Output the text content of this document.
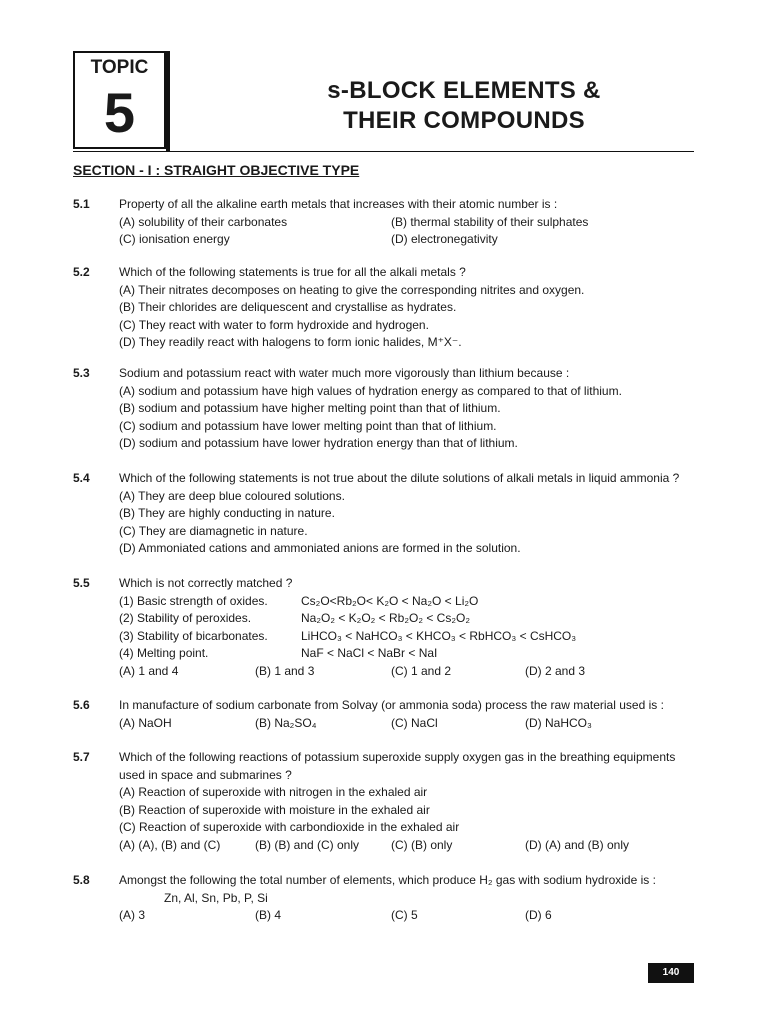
TOPIC
5	s-BLOCK ELEMENTS &
THEIR COMPOUNDS
SECTION - I : STRAIGHT OBJECTIVE TYPE
5.1	Property of all the alkaline earth metals that increases with their atomic number is :
(A) solubility of their carbonates	(B) thermal stability of their sulphates
(C) ionisation energy	(D) electronegativity
5.2	Which of the following statements is true for all the alkali metals ?
(A) Their nitrates decomposes on heating to give the corresponding nitrites and oxygen.
(B) Their chlorides are deliquescent and crystallise as hydrates.
(C) They react with water to form hydroxide and hydrogen.
(D) They readily react with halogens to form ionic halides, M⁺X⁻.
5.3	Sodium and potassium react with water much more vigorously than lithium because :
(A) sodium and potassium have high values of hydration energy as compared to that of lithium.
(B) sodium and potassium have higher melting point than that of lithium.
(C) sodium and potassium have lower melting point than that of lithium.
(D) sodium and potassium have lower hydration energy than that of lithium.
5.4	Which of the following statements is not true about the dilute solutions of alkali metals in liquid ammonia ?
(A) They are deep blue coloured solutions.
(B) They are highly conducting in nature.
(C) They are diamagnetic in nature.
(D) Ammoniated cations and ammoniated anions are formed in the solution.
5.5	Which is not correctly matched ?
(1) Basic strength of oxides.	Cs₂O<Rb₂O< K₂O < Na₂O < Li₂O
(2) Stability of peroxides.	Na₂O₂ < K₂O₂ < Rb₂O₂ < Cs₂O₂
(3) Stability of bicarbonates.	LiHCO₃ < NaHCO₃ < KHCO₃ < RbHCO₃ < CsHCO₃
(4) Melting point.	NaF < NaCl < NaBr < NaI
(A) 1 and 4	(B) 1 and 3	(C) 1 and 2	(D) 2 and 3
5.6	In manufacture of sodium carbonate from Solvay (or ammonia soda) process the raw material used is :
(A) NaOH	(B) Na₂SO₄	(C) NaCl	(D) NaHCO₃
5.7	Which of the following reactions of potassium superoxide supply oxygen gas in the breathing equipments
used in space and submarines ?
(A) Reaction of superoxide with nitrogen in the exhaled air
(B) Reaction of superoxide with moisture in the exhaled air
(C) Reaction of superoxide with carbondioxide in the exhaled air
(A) (A), (B) and (C)	(B) (B) and (C) only	(C) (B) only	(D) (A) and (B) only
5.8	Amongst the following the total number of elements, which produce H₂ gas with sodium hydroxide is :
Zn, Al, Sn, Pb, P, Si
(A) 3	(B) 4	(C) 5	(D) 6
140
